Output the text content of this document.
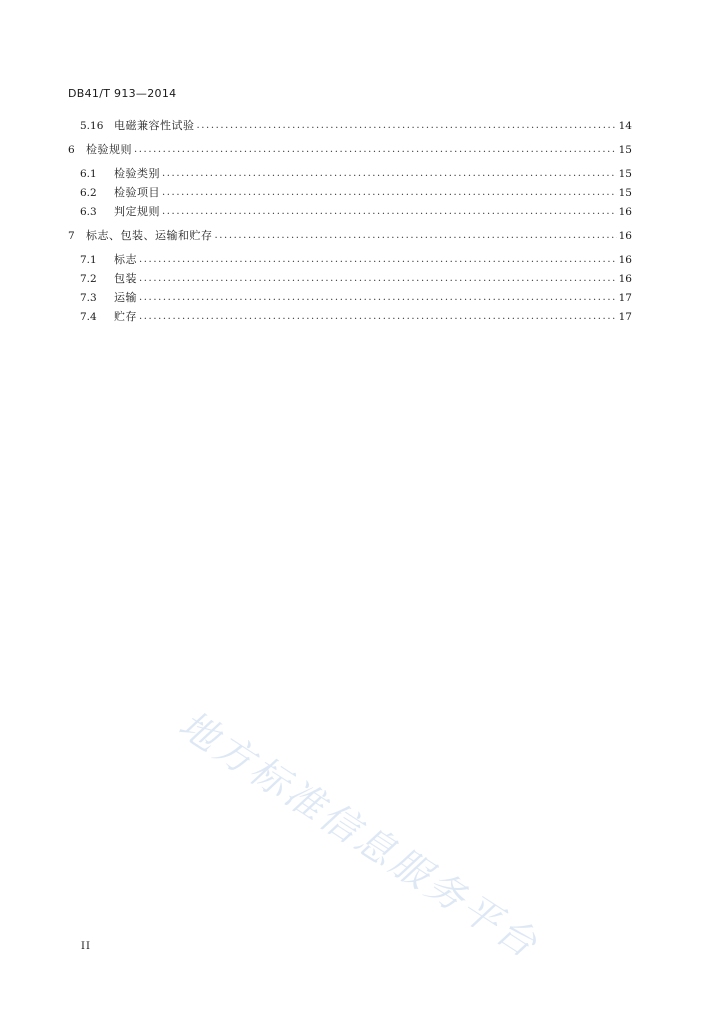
DB41/T 913—2014
5.16 电磁兼容性试验 .....	14
6	检验规则 .....	15
6.1	检验类别 .....	15
6.2	检验项目 .....	15
6.3	判定规则 .....	16
7	标志、包装、运输和贮存 .....	16
7.1	标志 .....	16
7.2	包装 .....	16
7.3	运输 .....	17
7.4	贮存 .....	17
地方标准信息服务平台
II
